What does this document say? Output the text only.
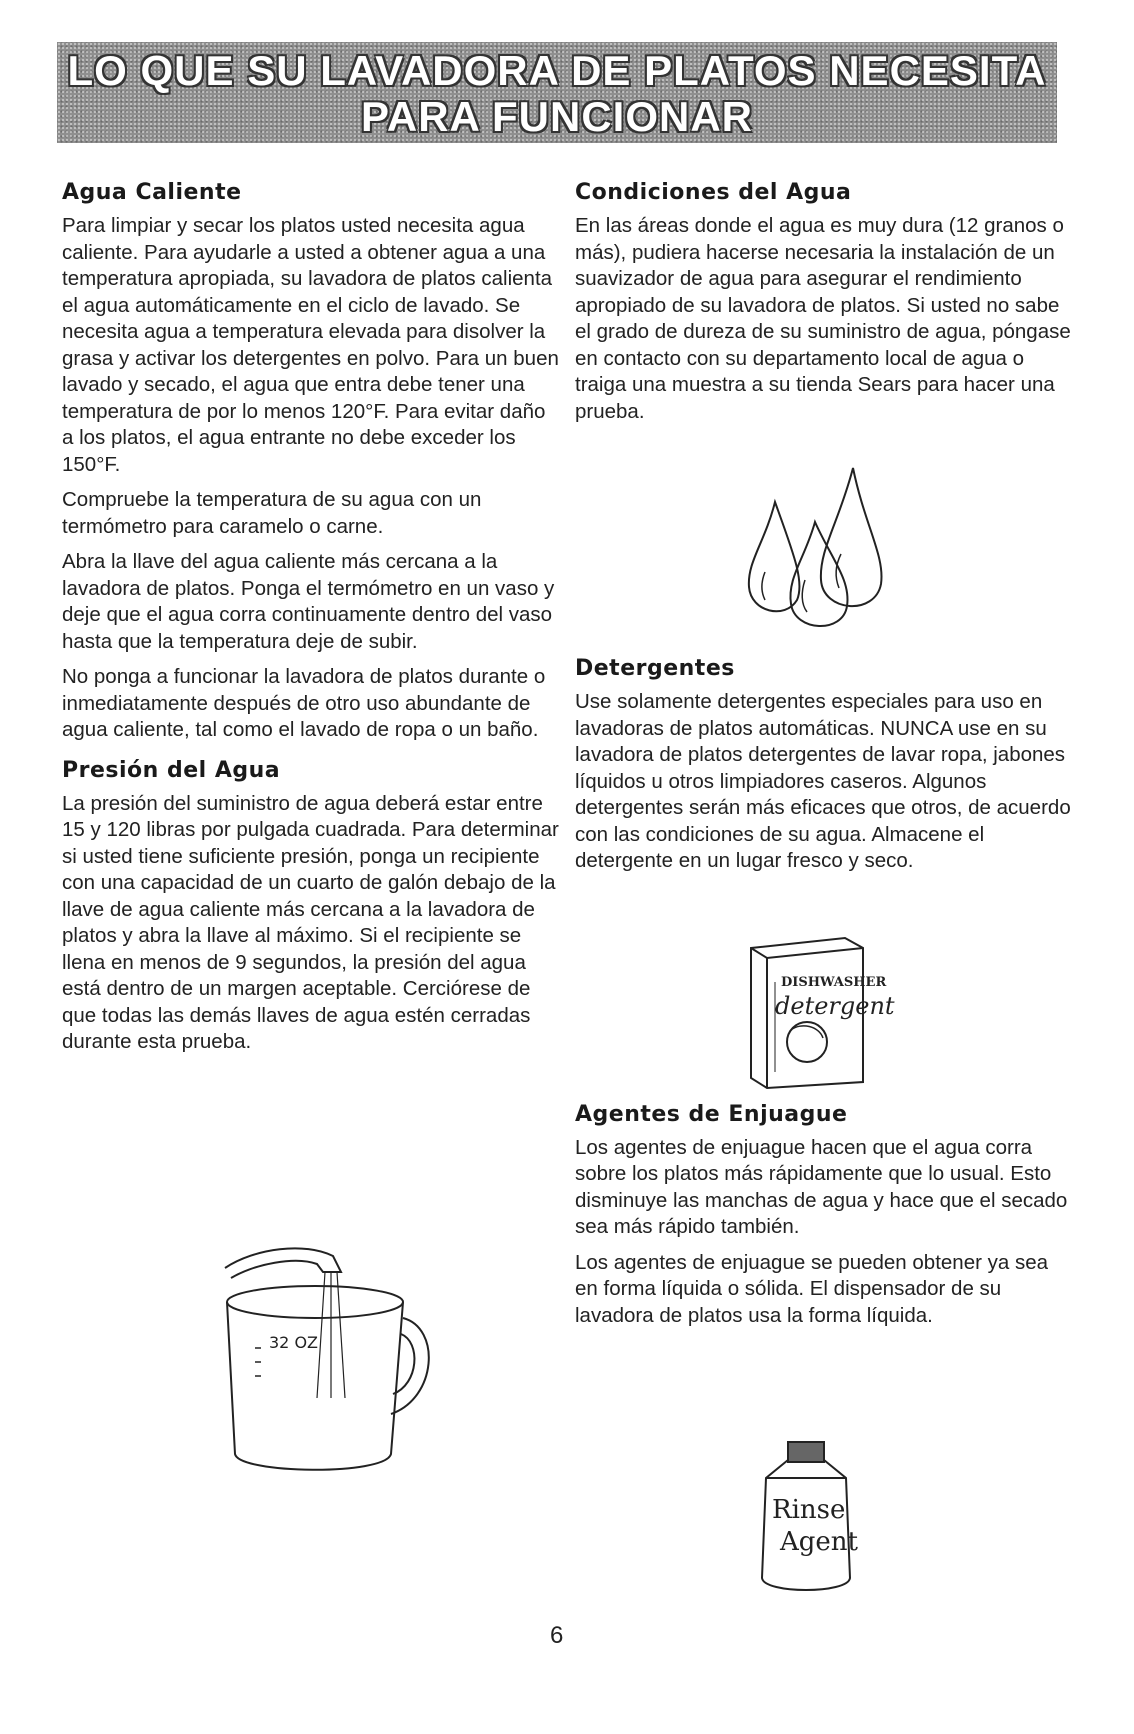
LO QUE SU LAVADORA DE PLATOS NECESITA
PARA FUNCIONAR
Agua Caliente

Para limpiar y secar los platos usted necesita agua caliente. Para ayudarle a usted a obtener agua a una temperatura apropiada, su lavadora de platos calienta el agua automáticamente en el ciclo de lavado. Se necesita agua a temperatura elevada para disolver la grasa y activar los detergentes en polvo. Para un buen lavado y secado, el agua que entra debe tener una temperatura de por lo menos 120°F. Para evitar daño a los platos, el agua entrante no debe exceder los 150°F.

Compruebe la temperatura de su agua con un termómetro para caramelo o carne.

Abra la llave del agua caliente más cercana a la lavadora de platos. Ponga el termómetro en un vaso y deje que el agua corra continuamente dentro del vaso hasta que la temperatura deje de subir.

No ponga a funcionar la lavadora de platos durante o inmediatamente después de otro uso abundante de agua caliente, tal como el lavado de ropa o un baño.

Presión del Agua

La presión del suministro de agua deberá estar entre 15 y 120 libras por pulgada cuadrada. Para determinar si usted tiene suficiente presión, ponga un recipiente con una capacidad de un cuarto de galón debajo de la llave de agua caliente más cercana a la lavadora de platos y abra la llave al máximo. Si el recipiente se llena en menos de 9 segundos, la presión del agua está dentro de un margen aceptable. Cerciórese de que todas las demás llaves de agua estén cerradas durante esta prueba.

Condiciones del Agua

En las áreas donde el agua es muy dura (12 granos o más), pudiera hacerse necesaria la instalación de un suavizador de agua para asegurar el rendimiento apropiado de su lavadora de platos. Si usted no sabe el grado de dureza de su suministro de agua, póngase en contacto con su departamento local de agua o traiga una muestra a su tienda Sears para hacer una prueba.

Detergentes

Use solamente detergentes especiales para uso en lavadoras de platos automáticas. NUNCA use en su lavadora de platos detergentes de lavar ropa, jabones líquidos u otros limpiadores caseros. Algunos detergentes serán más eficaces que otros, de acuerdo con las condiciones de su agua. Almacene el detergente en un lugar fresco y seco.

Agentes de Enjuague

Los agentes de enjuague hacen que el agua corra sobre los platos más rápidamente que lo usual. Esto disminuye las manchas de agua y hace que el secado sea más rápido también.

Los agentes de enjuague se pueden obtener ya sea en forma líquida o sólida. El dispensador de su lavadora de platos usa la forma líquida.

DISHWASHER
detergent
32 OZ
Rinse
Agent
6
